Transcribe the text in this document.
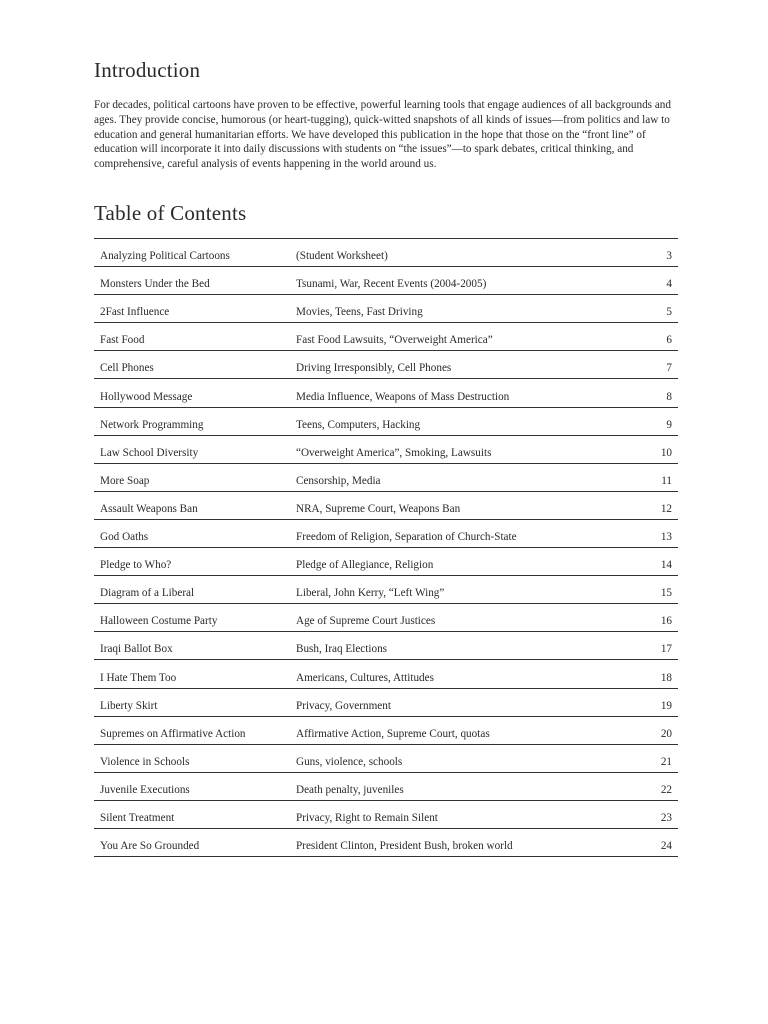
Introduction

For decades, political cartoons have proven to be effective, powerful learning tools that engage audiences of all backgrounds and ages. They provide concise, humorous (or heart-tugging), quick-witted snapshots of all kinds of issues—from politics and law to education and general humanitarian efforts. We have developed this publication in the hope that those on the “front line” of education will incorporate it into daily discussions with students on “the issues”—to spark debates, critical thinking, and comprehensive, careful analysis of events happening in the world around us.

Table of Contents
Analyzing Political Cartoons	(Student Worksheet)	3
Monsters Under the Bed	Tsunami, War, Recent Events (2004-2005)	4
2Fast Influence	Movies, Teens, Fast Driving	5
Fast Food	Fast Food Lawsuits, “Overweight America”	6
Cell Phones	Driving Irresponsibly, Cell Phones	7
Hollywood Message	Media Influence, Weapons of Mass Destruction	8
Network Programming	Teens, Computers, Hacking	9
Law School Diversity	“Overweight America”, Smoking, Lawsuits	10
More Soap	Censorship, Media	11
Assault Weapons Ban	NRA, Supreme Court, Weapons Ban	12
God Oaths	Freedom of Religion, Separation of Church-State	13
Pledge to Who?	Pledge of Allegiance, Religion	14
Diagram of a Liberal	Liberal, John Kerry, “Left Wing”	15
Halloween Costume Party	Age of Supreme Court Justices	16
Iraqi Ballot Box	Bush, Iraq Elections	17
I Hate Them Too	Americans, Cultures, Attitudes	18
Liberty Skirt	Privacy, Government	19
Supremes on Affirmative Action	Affirmative Action, Supreme Court, quotas	20
Violence in Schools	Guns, violence, schools	21
Juvenile Executions	Death penalty, juveniles	22
Silent Treatment	Privacy, Right to Remain Silent	23
You Are So Grounded	President Clinton, President Bush, broken world	24
